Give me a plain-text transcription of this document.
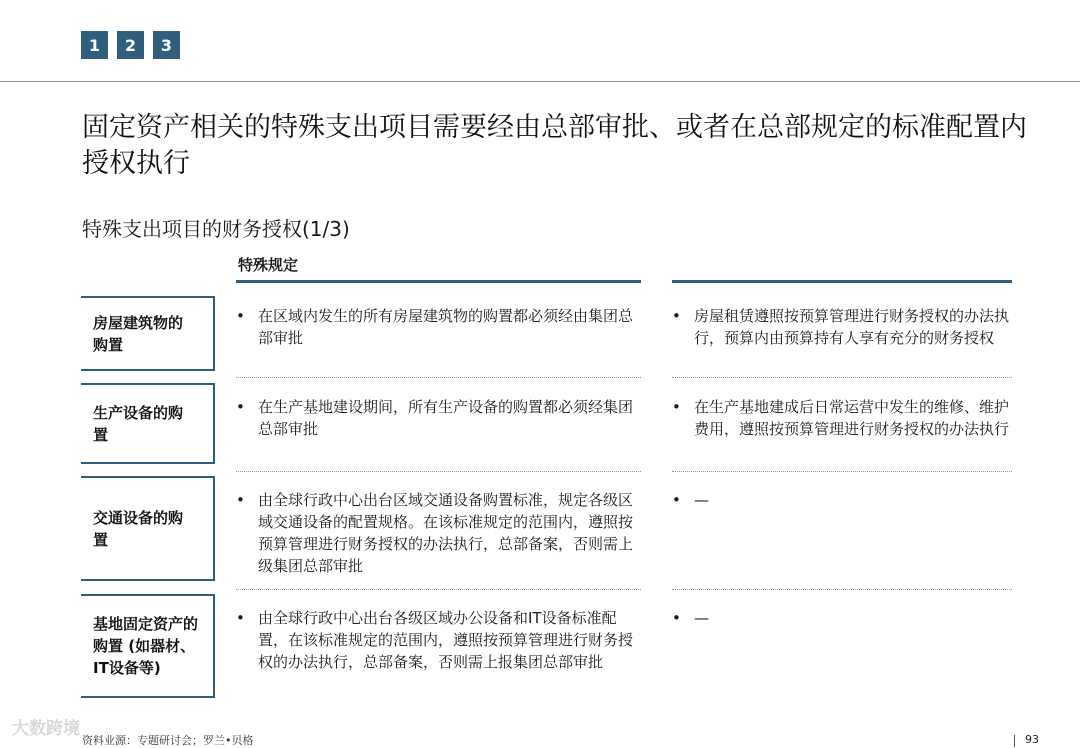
1	2	3
固定资产相关的特殊支出项目需要经由总部审批、或者在总部规定的标准配置内授权执行
特殊支出项目的财务授权(1/3)
特殊规定
房屋建筑物的购置
• 在区域内发生的所有房屋建筑物的购置都必须经由集团总部审批
• 房屋租赁遵照按预算管理进行财务授权的办法执行，预算内由预算持有人享有充分的财务授权
生产设备的购置
• 在生产基地建设期间，所有生产设备的购置都必须经集团总部审批
• 在生产基地建成后日常运营中发生的维修、维护费用，遵照按预算管理进行财务授权的办法执行
交通设备的购置
• 由全球行政中心出台区域交通设备购置标准，规定各级区域交通设备的配置规格。在该标准规定的范围内，遵照按预算管理进行财务授权的办法执行，总部备案，否则需上级集团总部审批
• —
基地固定资产的购置 (如器材、IT设备等)
• 由全球行政中心出台各级区域办公设备和IT设备标准配置，在该标准规定的范围内，遵照按预算管理进行财务授权的办法执行，总部备案，否则需上报集团总部审批
• —
大数跨境
资料业源：专题研讨会；罗兰•贝格	93
